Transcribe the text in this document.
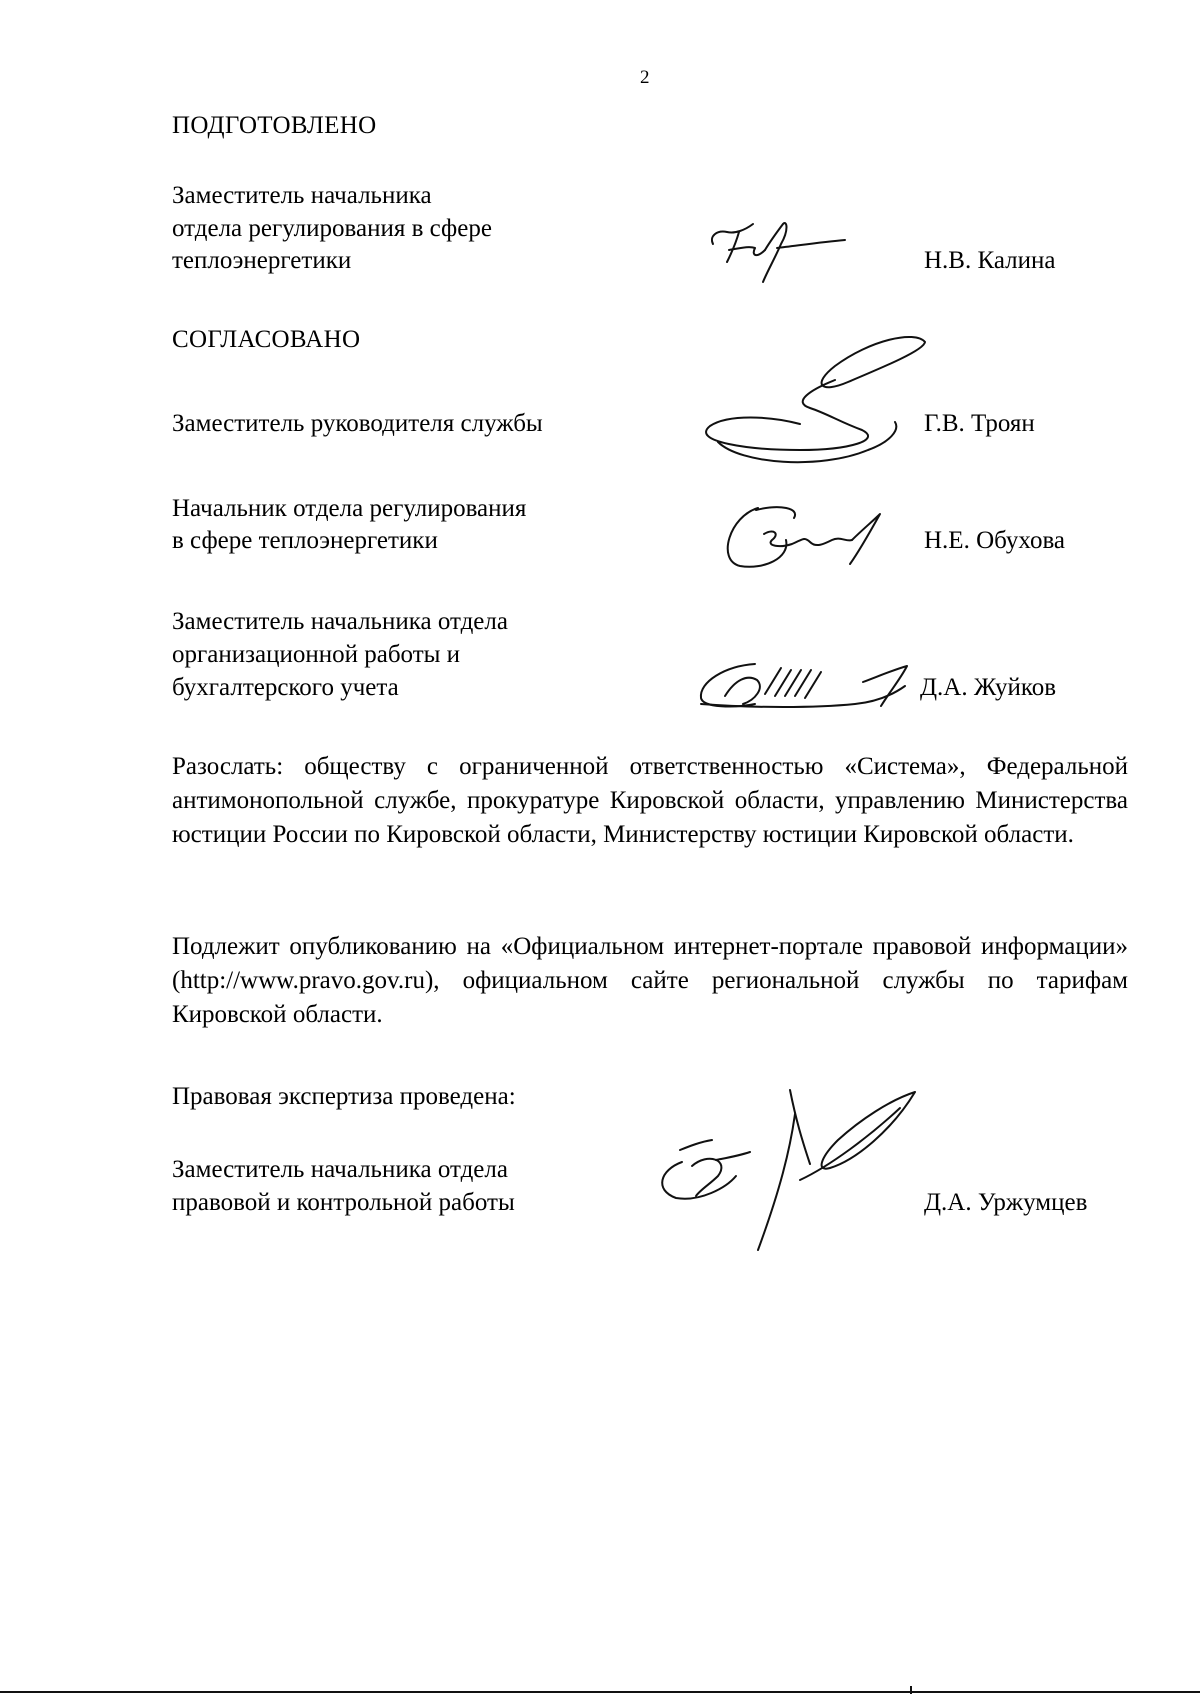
2
ПОДГОТОВЛЕНО
Заместитель начальника
отдела регулирования в сфере
теплоэнергетики	Н.В. Калина
СОГЛАСОВАНО
Заместитель руководителя службы	Г.В. Троян
Начальник отдела регулирования
в сфере теплоэнергетики	Н.Е. Обухова
Заместитель начальника отдела
организационной работы и
бухгалтерского учета	Д.А. Жуйков
Разослать: обществу с ограниченной ответственностью «Система», Федеральной антимонопольной службе, прокуратуре Кировской области, управлению Министерства юстиции России по Кировской области, Министерству юстиции Кировской области.
Подлежит опубликованию на «Официальном интернет-портале правовой информации» (http://www.pravo.gov.ru), официальном сайте региональной службы по тарифам Кировской области.
Правовая экспертиза проведена:
Заместитель начальника отдела
правовой и контрольной работы	Д.А. Уржумцев
